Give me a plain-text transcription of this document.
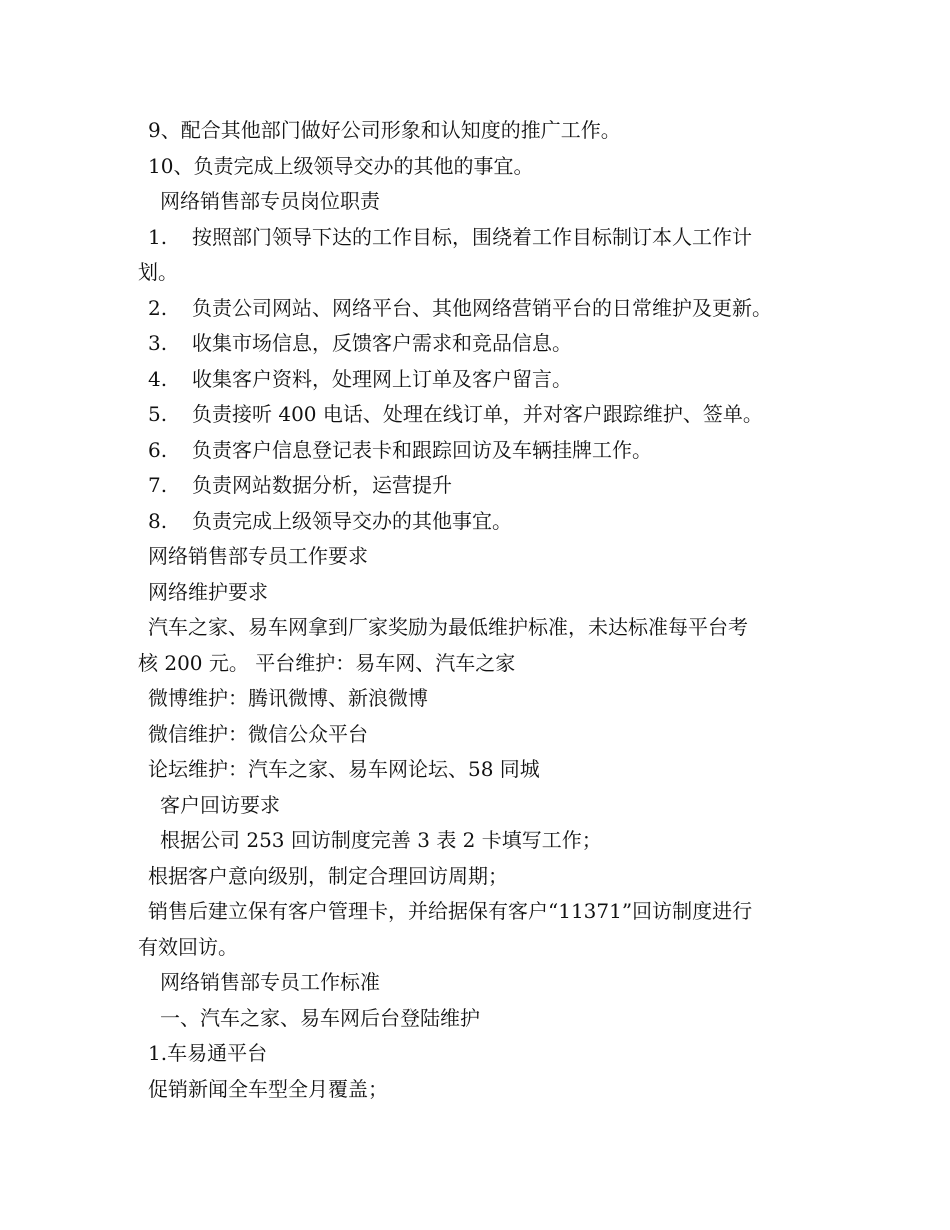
9、配合其他部门做好公司形象和认知度的推广工作。
10、负责完成上级领导交办的其他的事宜。
网络销售部专员岗位职责
1. 按照部门领导下达的工作目标，围绕着工作目标制订本人工作计
划。
2. 负责公司网站、网络平台、其他网络营销平台的日常维护及更新。
3. 收集市场信息，反馈客户需求和竞品信息。
4. 收集客户资料，处理网上订单及客户留言。
5. 负责接听 400 电话、处理在线订单，并对客户跟踪维护、签单。
6. 负责客户信息登记表卡和跟踪回访及车辆挂牌工作。
7. 负责网站数据分析，运营提升
8. 负责完成上级领导交办的其他事宜。
网络销售部专员工作要求
网络维护要求
汽车之家、易车网拿到厂家奖励为最低维护标准，未达标准每平台考
核 200 元。 平台维护：易车网、汽车之家
微博维护：腾讯微博、新浪微博
微信维护：微信公众平台
论坛维护：汽车之家、易车网论坛、58 同城
客户回访要求
根据公司 253 回访制度完善 3 表 2 卡填写工作；
根据客户意向级别，制定合理回访周期；
销售后建立保有客户管理卡，并给据保有客户“11371”回访制度进行
有效回访。
网络销售部专员工作标准
一、汽车之家、易车网后台登陆维护
1.车易通平台
促销新闻全车型全月覆盖；
